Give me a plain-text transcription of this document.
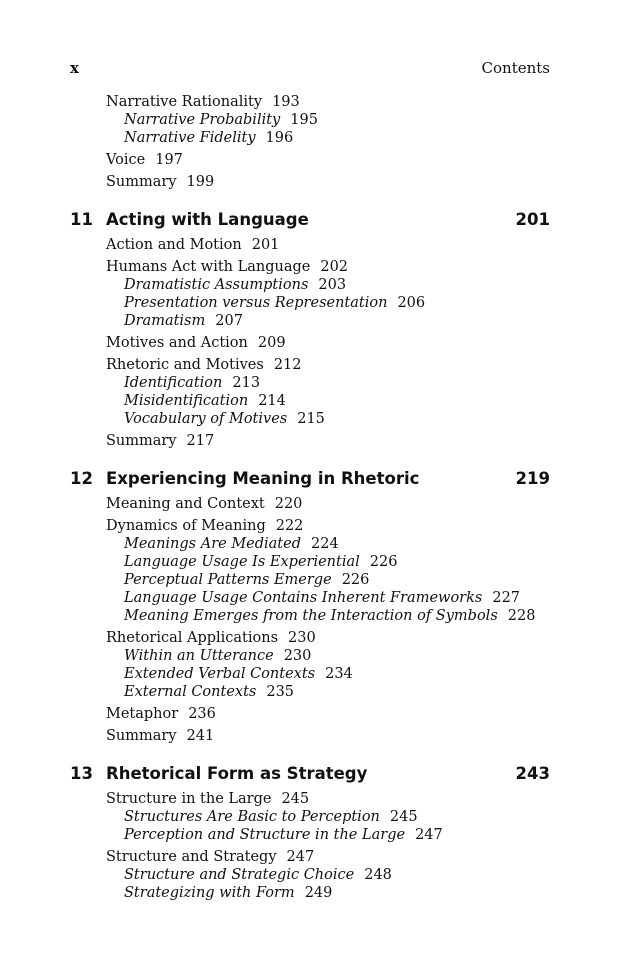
x	Contents
Narrative Rationality 193
Narrative Probability 195
Narrative Fidelity 196
Voice 197
Summary 199
11 Acting with Language	201
Action and Motion 201
Humans Act with Language 202
Dramatistic Assumptions 203
Presentation versus Representation 206
Dramatism 207
Motives and Action 209
Rhetoric and Motives 212
Identification 213
Misidentification 214
Vocabulary of Motives 215
Summary 217
12 Experiencing Meaning in Rhetoric	219
Meaning and Context 220
Dynamics of Meaning 222
Meanings Are Mediated 224
Language Usage Is Experiential 226
Perceptual Patterns Emerge 226
Language Usage Contains Inherent Frameworks 227
Meaning Emerges from the Interaction of Symbols 228
Rhetorical Applications 230
Within an Utterance 230
Extended Verbal Contexts 234
External Contexts 235
Metaphor 236
Summary 241
13 Rhetorical Form as Strategy	243
Structure in the Large 245
Structures Are Basic to Perception 245
Perception and Structure in the Large 247
Structure and Strategy 247
Structure and Strategic Choice 248
Strategizing with Form 249
